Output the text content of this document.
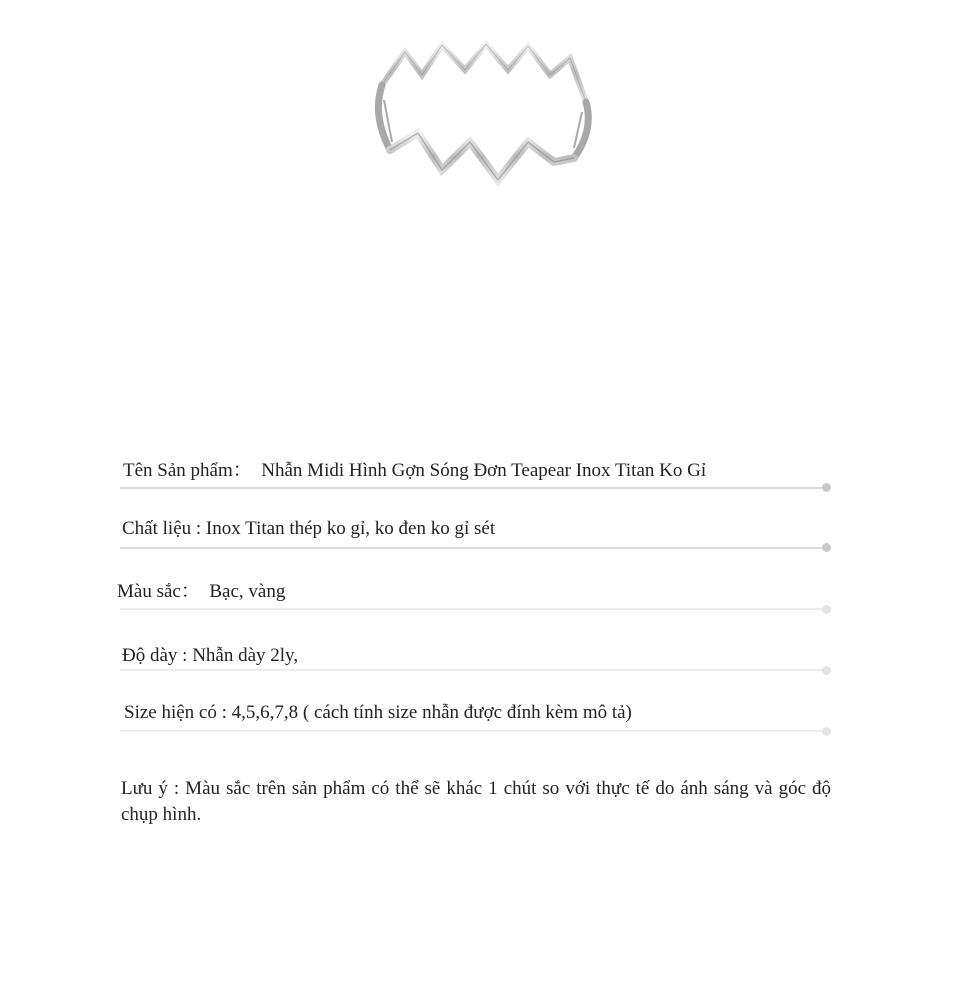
Tên Sản phẩm： Nhẫn Midi Hình Gợn Sóng Đơn Teapear Inox Titan Ko Gỉ
Chất liệu : Inox Titan thép ko gỉ, ko đen ko gỉ sét
Màu sắc： Bạc, vàng
Độ dày : Nhẫn dày 2ly,
Size hiện có : 4,5,6,7,8 ( cách tính size nhẫn được đính kèm mô tả)
Lưu ý : Màu sắc trên sản phẩm có thể sẽ khác 1 chút so với thực tế do ánh sáng và góc độ chụp hình.
